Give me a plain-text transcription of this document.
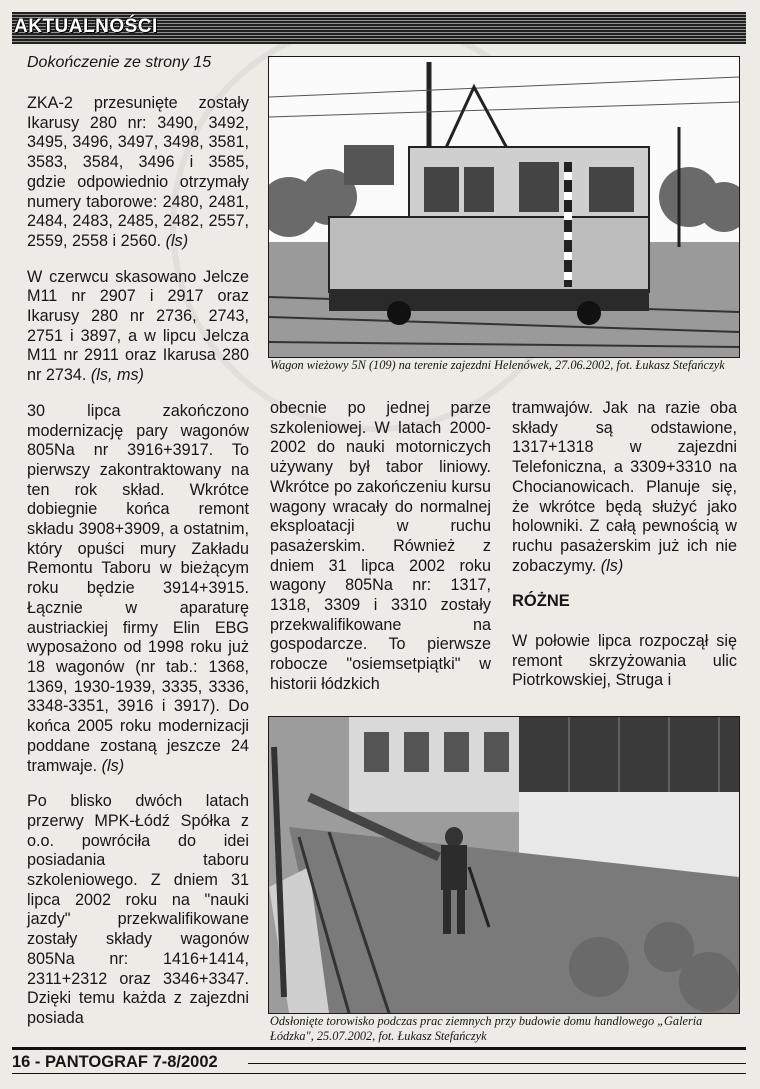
AKTUALNOŚCI
Dokończenie ze strony 15

ZKA-2 przesunięte zostały Ikarusy 280 nr: 3490, 3492, 3495, 3496, 3497, 3498, 3581, 3583, 3584, 3496 i 3585, gdzie odpowiednio otrzymały numery taborowe: 2480, 2481, 2484, 2483, 2485, 2482, 2557, 2559, 2558 i 2560. (ls)

W czerwcu skasowano Jelcze M11 nr 2907 i 2917 oraz Ikarusy 280 nr 2736, 2743, 2751 i 3897, a w lipcu Jelcza M11 nr 2911 oraz Ikarusa 280 nr 2734. (ls, ms)

30 lipca zakończono modernizację pary wagonów 805Na nr 3916+3917. To pierwszy zakontraktowany na ten rok skład. Wkrótce dobiegnie końca remont składu 3908+3909, a ostatnim, który opuści mury Zakładu Remontu Taboru w bieżącym roku będzie 3914+3915. Łącznie w aparaturę austriackiej firmy Elin EBG wyposażono od 1998 roku już 18 wagonów (nr tab.: 1368, 1369, 1930-1939, 3335, 3336, 3348-3351, 3916 i 3917). Do końca 2005 roku modernizacji poddane zostaną jeszcze 24 tramwaje. (ls)

Po blisko dwóch latach przerwy MPK-Łódź Spółka z o.o. powróciła do idei posiadania taboru szkoleniowego. Z dniem 31 lipca 2002 roku na "nauki jazdy" przekwalifikowane zostały składy wagonów 805Na nr: 1416+1414, 2311+2312 oraz 3346+3347. Dzięki temu każda z zajezdni posiada

Wagon wieżowy 5N (109) na terenie zajezdni Helenówek, 27.06.2002, fot. Łukasz Stefańczyk

obecnie po jednej parze szkoleniowej. W latach 2000-2002 do nauki motorniczych używany był tabor liniowy. Wkrótce po zakończeniu kursu wagony wracały do normalnej eksploatacji w ruchu pasażerskim. Również z dniem 31 lipca 2002 roku wagony 805Na nr: 1317, 1318, 3309 i 3310 zostały przekwalifikowane na gospodarcze. To pierwsze robocze "osiemsetpiątki" w historii łódzkich

tramwajów. Jak na razie oba składy są odstawione, 1317+1318 w zajezdni Telefoniczna, a 3309+3310 na Chocianowicach. Planuje się, że wkrótce będą służyć jako holowniki. Z całą pewnością w ruchu pasażerskim już ich nie zobaczymy. (ls)

RÓŻNE

W połowie lipca rozpoczął się remont skrzyżowania ulic Piotrkowskiej, Struga i

Odsłonięte torowisko podczas prac ziemnych przy budowie domu handlowego „Galeria Łódzka", 25.07.2002, fot. Łukasz Stefańczyk
16 - PANTOGRAF 7-8/2002
